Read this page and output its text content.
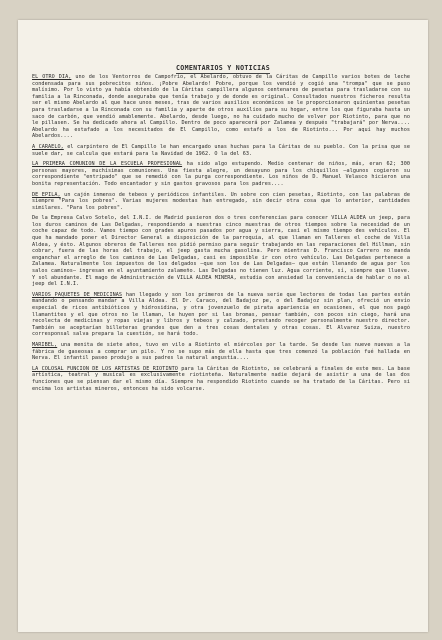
COMENTARIOS Y NOTICIAS

EL OTRO DIA, uno de los Ventorros de Campofrío, el Abelardo, obtuvo de la Cáritas de Campillo varios botes de leche condensada para sus pobrecitos niños. ¡Pobre Abelardo! Pobre, porque los vendió y cogió una "trompa" que se puso malísimo. Por lo visto ya había obtenido de la Cáritas campillera algunos centenares de pesetas para trasladarse con su familia a la Rinconada, donde aseguraba que tenía trabajo y de donde es original. Consultados nuestros ficheros resulta ser el mismo Abelardo al que hace unos meses, tras de varios auxilios económicos se le proporcionaron quinientas pesetas para trasladarse a la Rinconada con su familia y aparte de otros auxilios para su hogar, entre los que figuraba hasta un saco de carbón, que vendió amablemente. Abelardo, desde luego, no ha cuidado mucho de volver por Riotinto, para que no le pillasen. Se ha dedicado ahora al Campillo. Dentro de poco aparecerá por Zalamea y después "trabajará" por Nerva.... Abelardo ha estafado a los necesitados de El Campillo, como estafó a los de Riotinto... Por aquí hay muchos Abelardos....

A CARAELO, el carpintero de El Campillo le han encargado unas huchas para la Cáritas de su pueblo. Con la prisa que se suele dar, se calcula que estará para la Navidad de 1962. O la del 63.

LA PRIMERA COMUNION DE LA ESCUELA PROFESIONAL ha sido algo estupendo. Medio centenar de niños, más, eran 62; 300 personas mayores, muchísimas comuniones. Una fiesta alegre, un desayuno para los chiquillos —algunos cogieron su correspondiente "entripado" que se remedió con la purga correspondiente. Los niños de D. Manuel Velasco hicieron una bonita representación. Todo encantador y sin gastos gravosos para los padres....

DE EPILA, un cajón inmenso de tebeos y periódicos infantiles. Un sobre con cien pesetas, Riotinto, con las palabras de siempre "Para los pobres". Varias mujeres modestas han entregado, sin decir otra cosa que lo anterior, cantidades similares. "Para los pobres".

De la Empresa Calvo Sotelo, del I.N.I. de Madrid pusieron dos o tres conferencias para conocer VILLA ALDEA un jeep, para los duros caminos de Las Delgadas, respondiendo a nuestras cinco muestras de otros tiempos sobre la necesidad de un coche capaz de todo. Vamos tiempo con grades apuros pasados por agua y sierra, casi el mismo tiempo des vehículos. El que ha mandado poner el Director General a disposición de la parroquia, al que llaman en Talleres el coche de Villa Aldea, y ésto. Algunos obreros de Talleres nos pidió permiso para seguir trabajando en las reparaciones del Hillman, sin cobrar, fuera de las horas del trabajo, el jeep gasta mucha gasolina. Pero mientras D. Francisco Carrero no manda enganchar el arreglo de los caminos de Las Delgadas, casi es imposible ir con otro vehículo. Las Delgadas pertenece a Zalamea. Naturalmente los impuestos de los delgados —que son los de Las Delgadas— que están llenando de agua por los salos caminos— ingresan en el ayuntamiento zalameño. Las Delgadas no tienen luz. Agua corriente, sí, siempre que llueve. Y sol abundante. El mago de Administración de VILLA ALDEA MINERA, estudia con ansiedad la conveniencia de hablar o no al jeep del I.N.I.

VARIOS PAQUETES DE MEDICINAS han llegado y son los primeros de la nueva serie que lectores de todas las partes están mandando o pensando mandar a Villa Aldea. El Dr. Caraco, del Badajoz pe, o del Badajoz sin plan, ofreció un envío especial de ricos antibióticos y hidrosidina, y otra jovenzuelo de pirata apariencia en ocasiones, el que nos pagó llamantites y el que otros no le llaman, le huyen por si las bromas, pensar también, con pocos sin ciego, hará una recolecta de medicinas y ropas viejas y libros y tebeos y calzado, prestando recoger personalmente nuestro director. También se aceptarían billeteras grandes que den a tres cosas dentales y otras cosas. El Alvarez Suiza, nuestro corresponsal salva prepara la cuestión, se hará todo.

MARIBEL, una menita de siete años, tuvo en vilo a Riotinto el miércoles por la tarde. Se desde las nueve nuevas a la fábrica de gaseosas a comprar un pilo. Y no se supo más de ella hasta que tres comenzó la población fué hallada en Nerva. El infantil paseo produjo a sus padres la natural angustia....

LA COLOSAL FUNCION DE LOS ARTISTAS DE RIOTINTO para la Cáritas de Riotinto, se celebrará a finales de este mes. La base artística, teatral y musical es exclusivamente riotinteña. Naturalmente nadie dejará de asistir a una de las dos funciones que se piensan dar el mismo día. Siempre ha respondido Riotinto cuando se ha tratado de la Cáritas. Pero si encima los artistas mineros, entonces ha sido volcarse.
